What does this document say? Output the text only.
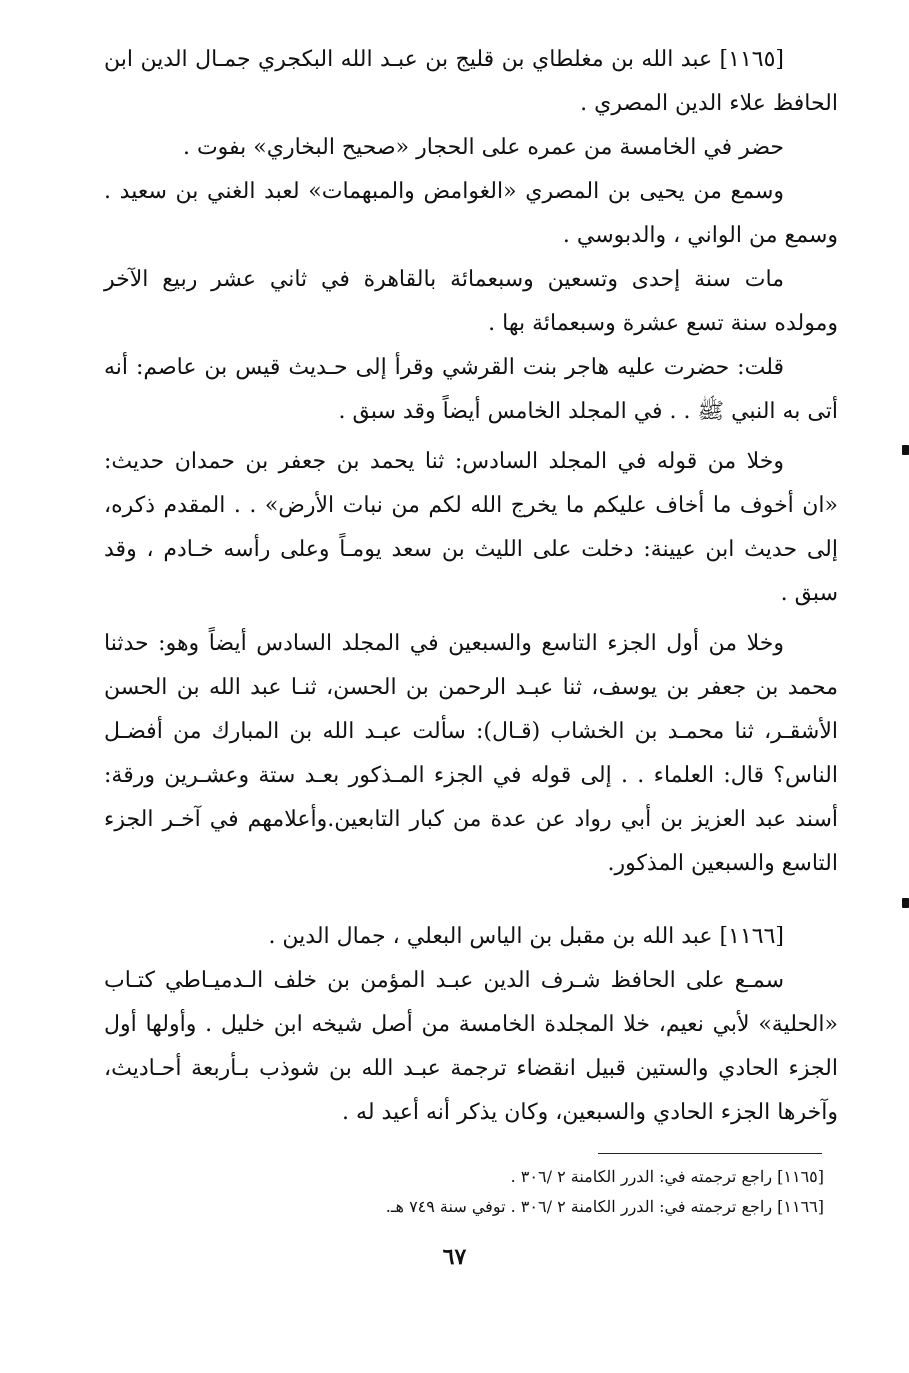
[١١٦٥] عبد الله بن مغلطاي بن قليج بن عبـد الله البكجري جمـال الدين ابن الحافظ علاء الدين المصري .

حضر في الخامسة من عمره على الحجار «صحيح البخاري» بفوت .

وسمع من يحيى بن المصري «الغوامض والمبهمات» لعبد الغني بن سعيد . وسمع من الواني ، والدبوسي .

مات سنة إحدى وتسعين وسبعمائة بالقاهرة في ثاني عشر ربيع الآخر ومولده سنة تسع عشرة وسبعمائة بها .

قلت: حضرت عليه هاجر بنت القرشي وقرأ إلى حـديث قيس بن عاصم: أنه أتى به النبي ﷺ . . في المجلد الخامس أيضاً وقد سبق .

وخلا من قوله في المجلد السادس: ثنا يحمد بن جعفر بن حمدان حديث: «ان أخوف ما أخاف عليكم ما يخرج الله لكم من نبات الأرض» . . المقدم ذكره، إلى حديث ابن عيينة: دخلت على الليث بن سعد يومـاً وعلى رأسه خـادم ، وقد سبق .

وخلا من أول الجزء التاسع والسبعين في المجلد السادس أيضاً وهو: حدثنا محمد بن جعفر بن يوسف، ثنا عبـد الرحمن بن الحسن، ثنـا عبد الله بن الحسن الأشقـر، ثنا محمـد بن الخشاب (قـال): سألت عبـد الله بن المبارك من أفضـل الناس؟ قال: العلماء . . إلى قوله في الجزء المـذكور بعـد ستة وعشـرين ورقة: أسند عبد العزيز بن أبي رواد عن عدة من كبار التابعين.وأعلامهم في آخـر الجزء التاسع والسبعين المذكور.

[١١٦٦] عبد الله بن مقبل بن الياس البعلي ، جمال الدين .

سمـع على الحافظ شـرف الدين عبـد المؤمن بن خلف الـدميـاطي كتـاب «الحلية» لأبي نعيم، خلا المجلدة الخامسة من أصل شيخه ابن خليل . وأولها أول الجزء الحادي والستين قبيل انقضاء ترجمة عبـد الله بن شوذب بـأربعة أحـاديث، وآخرها الجزء الحادي والسبعين، وكان يذكر أنه أعيد له .

[١١٦٥] راجع ترجمته في: الدرر الكامنة ٢ /٣٠٦ .

[١١٦٦] راجع ترجمته في: الدرر الكامنة ٢ /٣٠٦ . توفي سنة ٧٤٩ هـ.

٦٧
